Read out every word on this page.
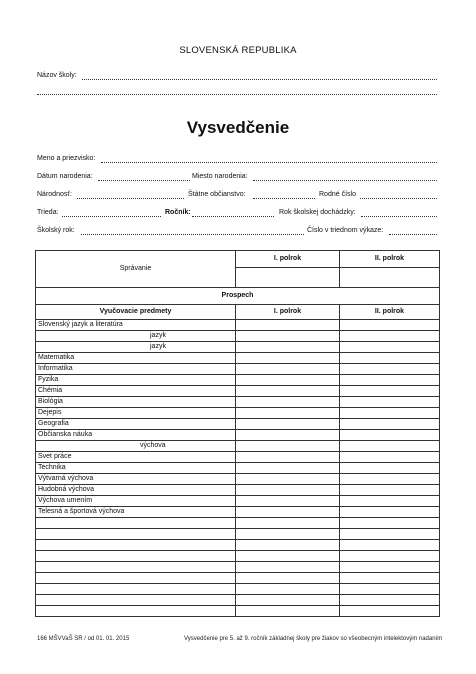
SLOVENSKÁ REPUBLIKA
Názov školy:
Vysvedčenie
Meno a priezvisko:
Dátum narodenia:	Miesto narodenia:
Národnosť:	Štátne občianstvo:	Rodné číslo
Trieda:	Ročník:	Rok školskej dochádzky:
Školský rok:	Číslo v triednom výkaze:
Správanie	I. polrok	II. polrok

Prospech		
Vyučovacie predmety	I. polrok	II. polrok
Slovenský jazyk a literatúra		
jazyk		
jazyk		
Matematika		
Informatika		
Fyzika		
Chémia		
Biológia		
Dejepis		
Geografia		
Občianska náuka		
výchova		
Svet práce		
Technika		
Výtvarná výchova		
Hudobná výchova		
Výchova umením		
Telesná a športová výchova		

166 MŠVVaŠ SR / od 01. 01. 2015	Vysvedčenie pre 5. až 9. ročník základnej školy pre žiakov so všeobecným intelektovým nadaním
